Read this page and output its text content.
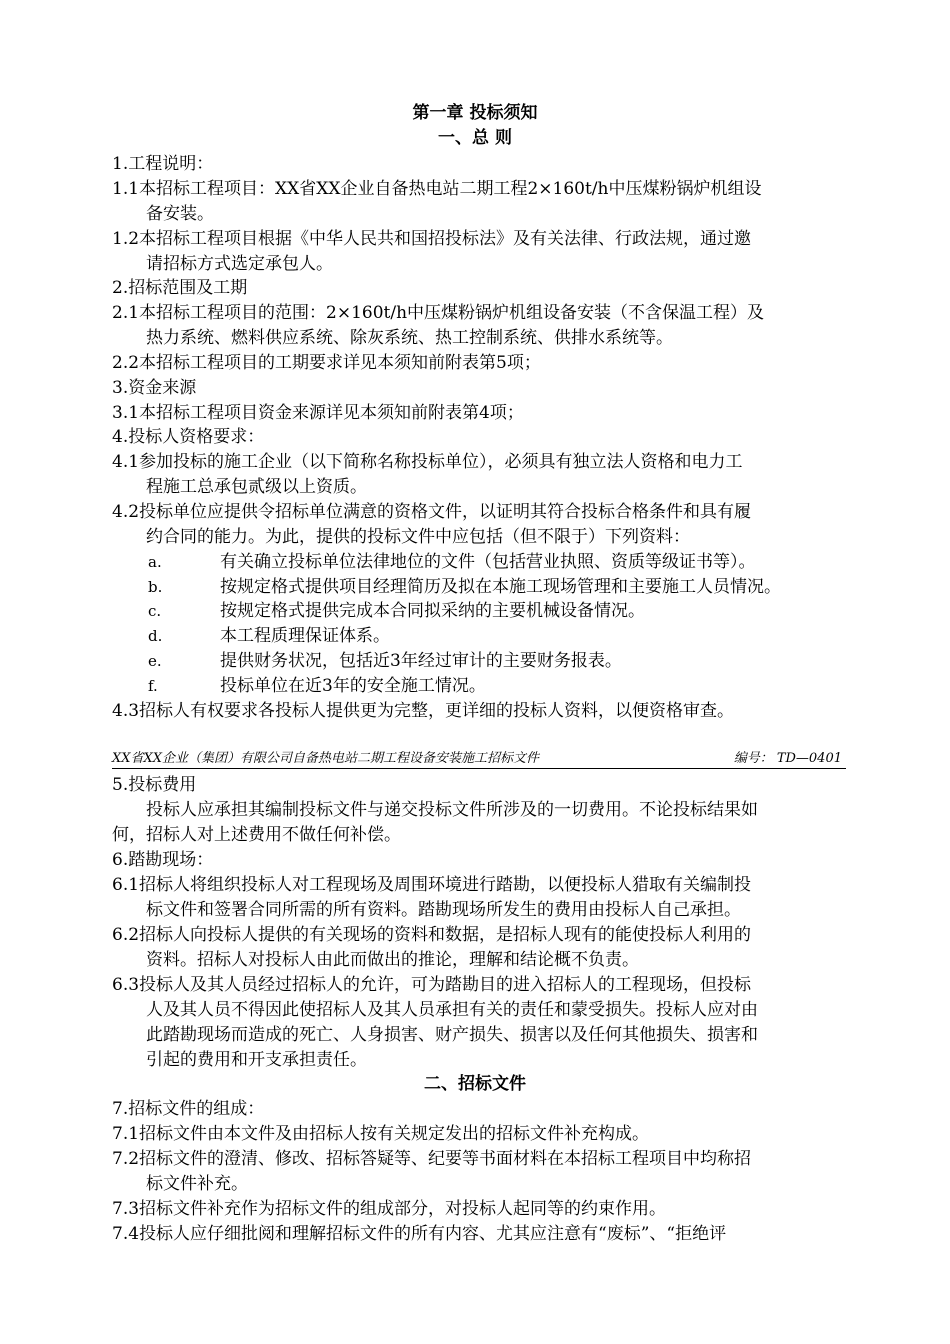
第一章 投标须知
一、总 则
1.工程说明：
1.1本招标工程项目：XX省XX企业自备热电站二期工程2×160t/h中压煤粉锅炉机组设
备安装。
1.2本招标工程项目根据《中华人民共和国招投标法》及有关法律、行政法规，通过邀
请招标方式选定承包人。
2.招标范围及工期
2.1本招标工程项目的范围：2×160t/h中压煤粉锅炉机组设备安装（不含保温工程）及
热力系统、燃料供应系统、除灰系统、热工控制系统、供排水系统等。
2.2本招标工程项目的工期要求详见本须知前附表第5项；
3.资金来源
3.1本招标工程项目资金来源详见本须知前附表第4项；
4.投标人资格要求：
4.1参加投标的施工企业（以下简称名称投标单位），必须具有独立法人资格和电力工
程施工总承包贰级以上资质。
4.2投标单位应提供令招标单位满意的资格文件，以证明其符合投标合格条件和具有履
约合同的能力。为此，提供的投标文件中应包括（但不限于）下列资料：
a.	有关确立投标单位法律地位的文件（包括营业执照、资质等级证书等）。
b.	按规定格式提供项目经理简历及拟在本施工现场管理和主要施工人员情况。
c.	按规定格式提供完成本合同拟采纳的主要机械设备情况。
d.	本工程质理保证体系。
e.	提供财务状况，包括近3年经过审计的主要财务报表。
f.	投标单位在近3年的安全施工情况。
4.3招标人有权要求各投标人提供更为完整，更详细的投标人资料，以便资格审查。
XX省XX企业（集团）有限公司自备热电站二期工程设备安装施工招标文件	编号： TD—0401
5.投标费用
投标人应承担其编制投标文件与递交投标文件所涉及的一切费用。不论投标结果如
何，招标人对上述费用不做任何补偿。
6.踏勘现场：
6.1招标人将组织投标人对工程现场及周围环境进行踏勘，以便投标人猎取有关编制投
标文件和签署合同所需的所有资料。踏勘现场所发生的费用由投标人自己承担。
6.2招标人向投标人提供的有关现场的资料和数据，是招标人现有的能使投标人利用的
资料。招标人对投标人由此而做出的推论，理解和结论概不负责。
6.3投标人及其人员经过招标人的允许，可为踏勘目的进入招标人的工程现场，但投标
人及其人员不得因此使招标人及其人员承担有关的责任和蒙受损失。投标人应对由
此踏勘现场而造成的死亡、人身损害、财产损失、损害以及任何其他损失、损害和
引起的费用和开支承担责任。
二、招标文件
7.招标文件的组成：
7.1招标文件由本文件及由招标人按有关规定发出的招标文件补充构成。
7.2招标文件的澄清、修改、招标答疑等、纪要等书面材料在本招标工程项目中均称招
标文件补充。
7.3招标文件补充作为招标文件的组成部分，对投标人起同等的约束作用。
7.4投标人应仔细批阅和理解招标文件的所有内容、尤其应注意有“废标”、“拒绝评
